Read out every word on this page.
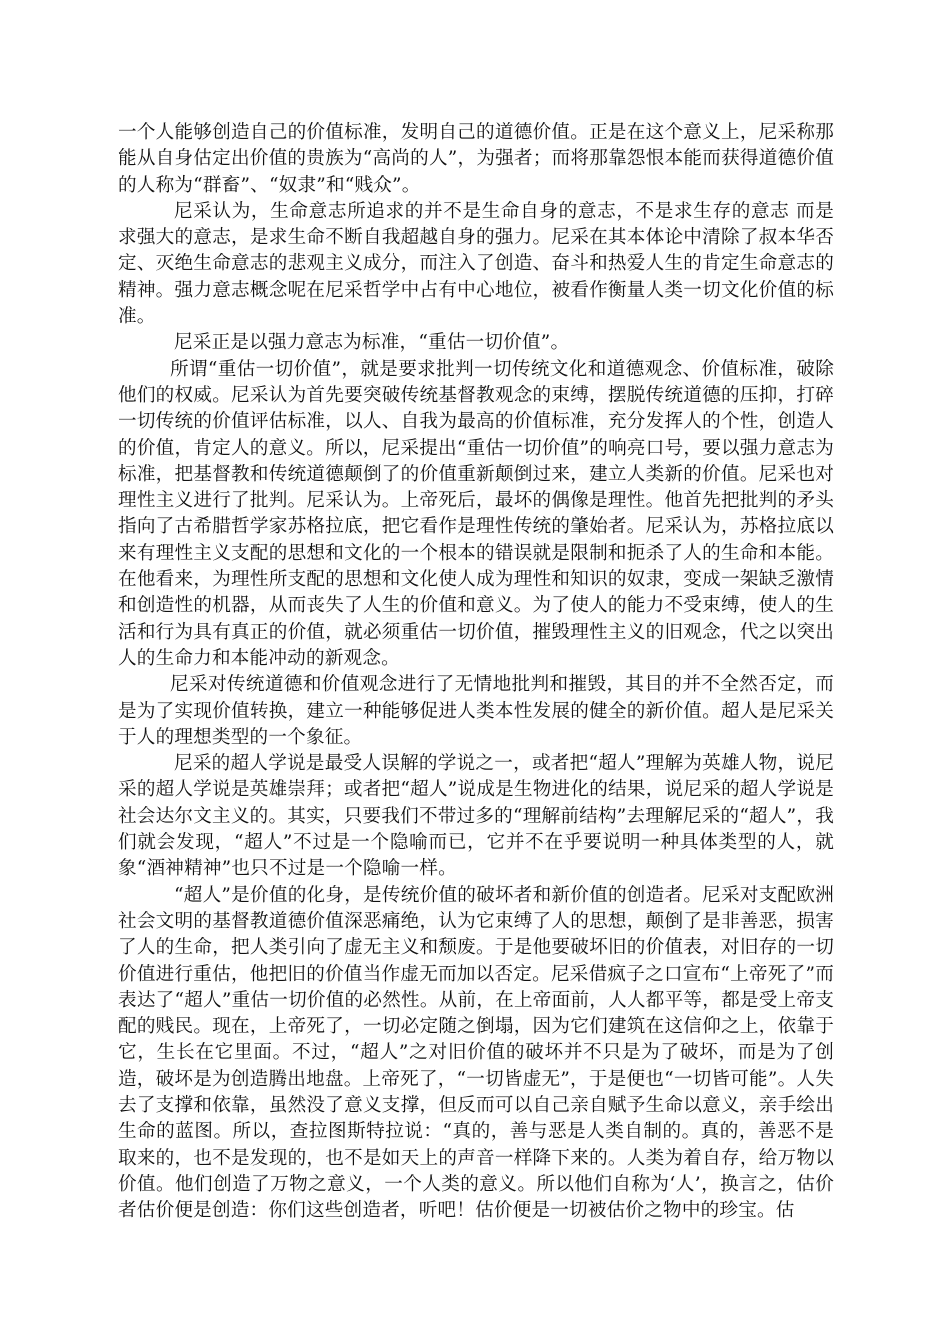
一个人能够创造自己的价值标准，发明自己的道德价值。正是在这个意义上，尼采称那能从自身估定出价值的贵族为“高尚的人”，为强者；而将那靠怨恨本能而获得道德价值的人称为“群畜”、“奴隶”和“贱众”。

尼采认为，生命意志所追求的并不是生命自身的意志，不是求生存的意志 而是求强大的意志，是求生命不断自我超越自身的强力。尼采在其本体论中清除了叔本华否定、灭绝生命意志的悲观主义成分，而注入了创造、奋斗和热爱人生的肯定生命意志的精神。强力意志概念呢在尼采哲学中占有中心地位，被看作衡量人类一切文化价值的标准。

尼采正是以强力意志为标准，“重估一切价值”。

所谓“重估一切价值”，就是要求批判一切传统文化和道德观念、价值标准，破除他们的权威。尼采认为首先要突破传统基督教观念的束缚，摆脱传统道德的压抑，打碎一切传统的价值评估标准，以人、自我为最高的价值标准，充分发挥人的个性，创造人的价值，肯定人的意义。所以，尼采提出“重估一切价值”的响亮口号，要以强力意志为标准，把基督教和传统道德颠倒了的价值重新颠倒过来，建立人类新的价值。尼采也对理性主义进行了批判。尼采认为。上帝死后，最坏的偶像是理性。他首先把批判的矛头指向了古希腊哲学家苏格拉底，把它看作是理性传统的肇始者。尼采认为，苏格拉底以来有理性主义支配的思想和文化的一个根本的错误就是限制和扼杀了人的生命和本能。在他看来，为理性所支配的思想和文化使人成为理性和知识的奴隶，变成一架缺乏激情和创造性的机器，从而丧失了人生的价值和意义。为了使人的能力不受束缚，使人的生活和行为具有真正的价值，就必须重估一切价值，摧毁理性主义的旧观念，代之以突出人的生命力和本能冲动的新观念。

尼采对传统道德和价值观念进行了无情地批判和摧毁，其目的并不全然否定，而是为了实现价值转换，建立一种能够促进人类本性发展的健全的新价值。超人是尼采关于人的理想类型的一个象征。

尼采的超人学说是最受人误解的学说之一，或者把“超人”理解为英雄人物，说尼采的超人学说是英雄崇拜；或者把“超人”说成是生物进化的结果，说尼采的超人学说是社会达尔文主义的。其实，只要我们不带过多的“理解前结构”去理解尼采的“超人”，我们就会发现，“超人”不过是一个隐喻而已，它并不在乎要说明一种具体类型的人，就象“酒神精神”也只不过是一个隐喻一样。

“超人”是价值的化身，是传统价值的破坏者和新价值的创造者。尼采对支配欧洲社会文明的基督教道德价值深恶痛绝，认为它束缚了人的思想，颠倒了是非善恶，损害了人的生命，把人类引向了虚无主义和颓废。于是他要破坏旧的价值表，对旧存的一切价值进行重估，他把旧的价值当作虚无而加以否定。尼采借疯子之口宣布“上帝死了”而表达了“超人”重估一切价值的必然性。从前，在上帝面前，人人都平等，都是受上帝支配的贱民。现在，上帝死了，一切必定随之倒塌，因为它们建筑在这信仰之上，依靠于它，生长在它里面。不过，“超人”之对旧价值的破坏并不只是为了破坏，而是为了创造，破坏是为创造腾出地盘。上帝死了，“一切皆虚无”，于是便也“一切皆可能”。人失去了支撑和依靠，虽然没了意义支撑，但反而可以自己亲自赋予生命以意义，亲手绘出生命的蓝图。所以，查拉图斯特拉说：“真的，善与恶是人类自制的。真的，善恶不是取来的，也不是发现的，也不是如天上的声音一样降下来的。人类为着自存，给万物以价值。他们创造了万物之意义，一个人类的意义。所以他们自称为‘人’，换言之，估价者估价便是创造：你们这些创造者，听吧！估价便是一切被估价之物中的珍宝。估
